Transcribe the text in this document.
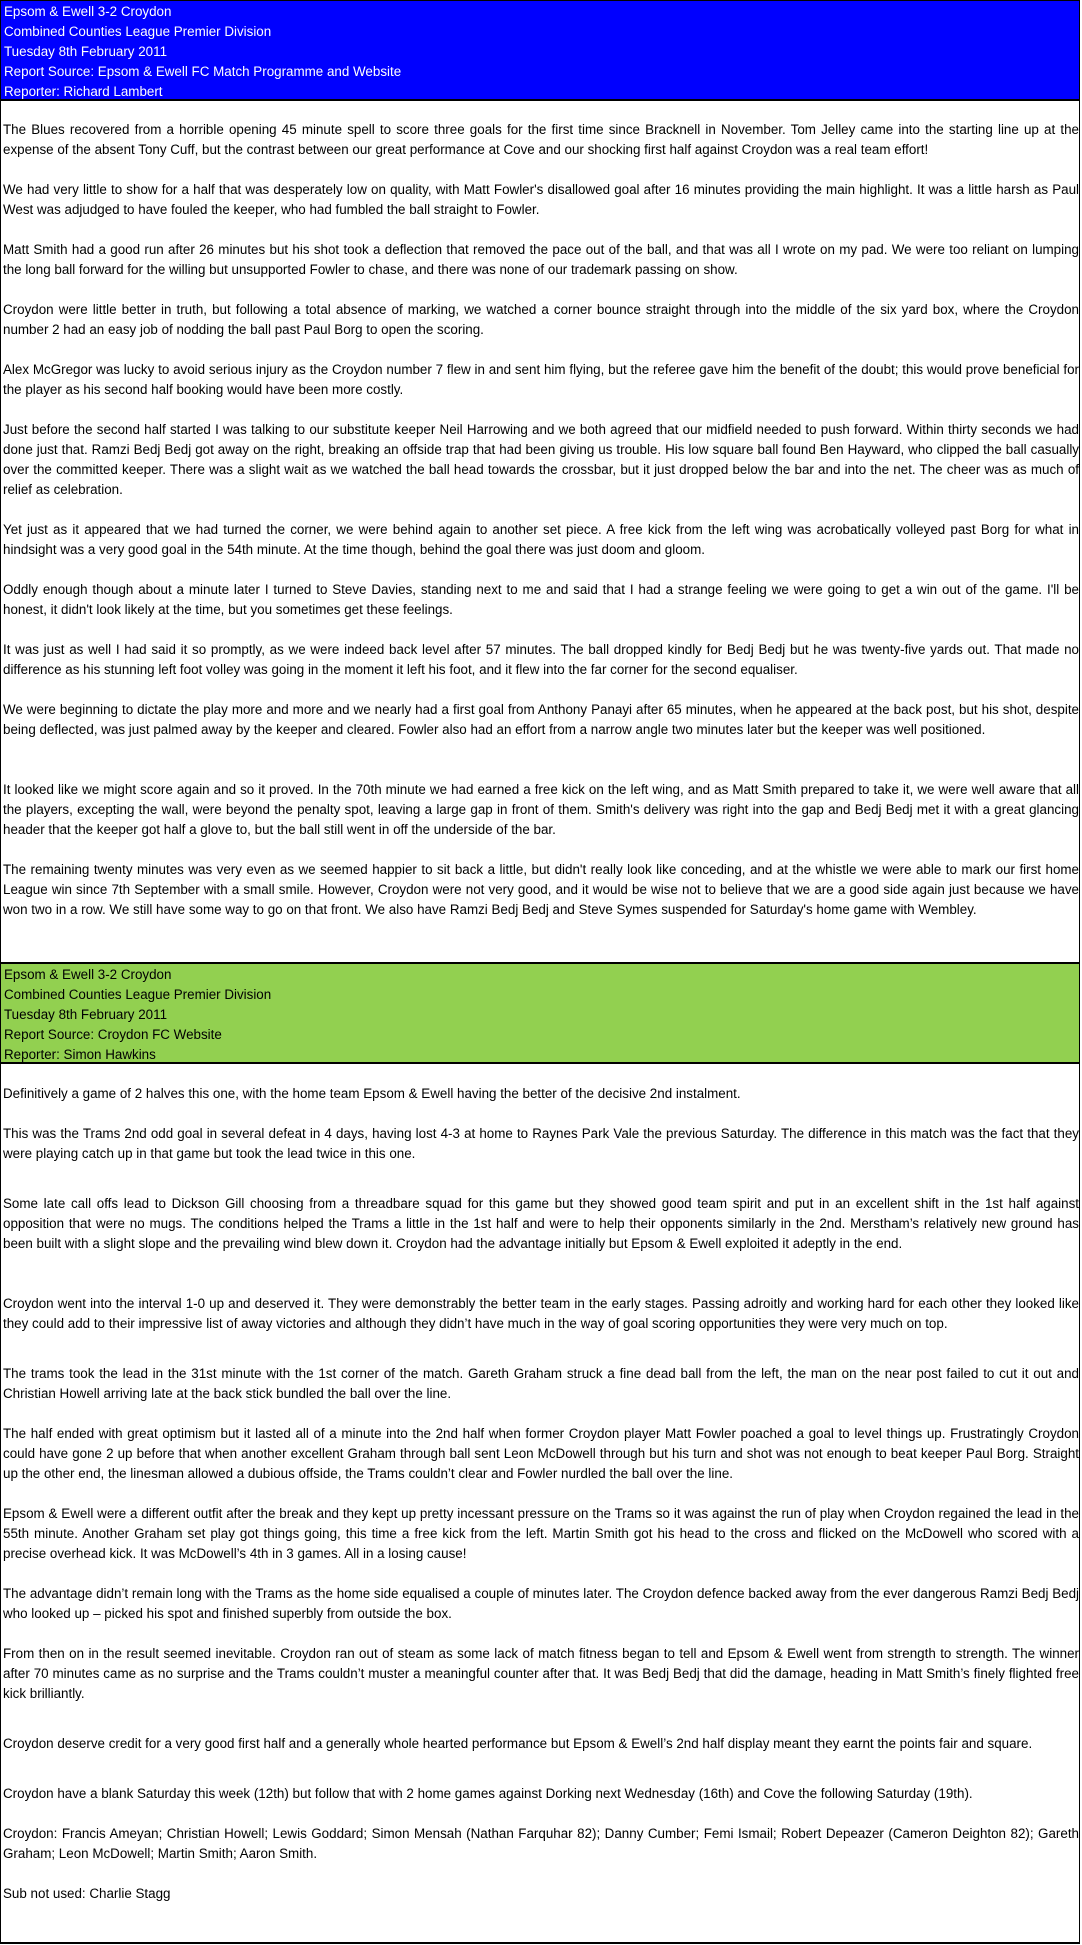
Epsom & Ewell 3-2 Croydon
Combined Counties League Premier Division
Tuesday 8th February 2011
Report Source: Epsom & Ewell FC Match Programme and Website
Reporter: Richard Lambert

The Blues recovered from a horrible opening 45 minute spell to score three goals for the first time since Bracknell in November. Tom Jelley came into the starting line up at the expense of the absent Tony Cuff, but the contrast between our great performance at Cove and our shocking first half against Croydon was a real team effort!

We had very little to show for a half that was desperately low on quality, with Matt Fowler's disallowed goal after 16 minutes providing the main highlight. It was a little harsh as Paul West was adjudged to have fouled the keeper, who had fumbled the ball straight to Fowler.

Matt Smith had a good run after 26 minutes but his shot took a deflection that removed the pace out of the ball, and that was all I wrote on my pad. We were too reliant on lumping the long ball forward for the willing but unsupported Fowler to chase, and there was none of our trademark passing on show.

Croydon were little better in truth, but following a total absence of marking, we watched a corner bounce straight through into the middle of the six yard box, where the Croydon number 2 had an easy job of nodding the ball past Paul Borg to open the scoring.

Alex McGregor was lucky to avoid serious injury as the Croydon number 7 flew in and sent him flying, but the referee gave him the benefit of the doubt; this would prove beneficial for the player as his second half booking would have been more costly.

Just before the second half started I was talking to our substitute keeper Neil Harrowing and we both agreed that our midfield needed to push forward. Within thirty seconds we had done just that. Ramzi Bedj Bedj got away on the right, breaking an offside trap that had been giving us trouble. His low square ball found Ben Hayward, who clipped the ball casually over the committed keeper. There was a slight wait as we watched the ball head towards the crossbar, but it just dropped below the bar and into the net. The cheer was as much of relief as celebration.

Yet just as it appeared that we had turned the corner, we were behind again to another set piece. A free kick from the left wing was acrobatically volleyed past Borg for what in hindsight was a very good goal in the 54th minute. At the time though, behind the goal there was just doom and gloom.

Oddly enough though about a minute later I turned to Steve Davies, standing next to me and said that I had a strange feeling we were going to get a win out of the game. I'll be honest, it didn't look likely at the time, but you sometimes get these feelings.

It was just as well I had said it so promptly, as we were indeed back level after 57 minutes. The ball dropped kindly for Bedj Bedj but he was twenty-five yards out. That made no difference as his stunning left foot volley was going in the moment it left his foot, and it flew into the far corner for the second equaliser.

We were beginning to dictate the play more and more and we nearly had a first goal from Anthony Panayi after 65 minutes, when he appeared at the back post, but his shot, despite being deflected, was just palmed away by the keeper and cleared. Fowler also had an effort from a narrow angle two minutes later but the keeper was well positioned.

It looked like we might score again and so it proved. In the 70th minute we had earned a free kick on the left wing, and as Matt Smith prepared to take it, we were well aware that all the players, excepting the wall, were beyond the penalty spot, leaving a large gap in front of them. Smith's delivery was right into the gap and Bedj Bedj met it with a great glancing header that the keeper got half a glove to, but the ball still went in off the underside of the bar.

The remaining twenty minutes was very even as we seemed happier to sit back a little, but didn't really look like conceding, and at the whistle we were able to mark our first home League win since 7th September with a small smile. However, Croydon were not very good, and it would be wise not to believe that we are a good side again just because we have won two in a row. We still have some way to go on that front. We also have Ramzi Bedj Bedj and Steve Symes suspended for Saturday's home game with Wembley.

Epsom & Ewell 3-2 Croydon
Combined Counties League Premier Division
Tuesday 8th February 2011
Report Source: Croydon FC Website
Reporter: Simon Hawkins

Definitively a game of 2 halves this one, with the home team Epsom & Ewell having the better of the decisive 2nd instalment.

This was the Trams 2nd odd goal in several defeat in 4 days, having lost 4-3 at home to Raynes Park Vale the previous Saturday. The difference in this match was the fact that they were playing catch up in that game but took the lead twice in this one.

Some late call offs lead to Dickson Gill choosing from a threadbare squad for this game but they showed good team spirit and put in an excellent shift in the 1st half against opposition that were no mugs. The conditions helped the Trams a little in the 1st half and were to help their opponents similarly in the 2nd. Merstham’s relatively new ground has been built with a slight slope and the prevailing wind blew down it. Croydon had the advantage initially but Epsom & Ewell exploited it adeptly in the end.

Croydon went into the interval 1-0 up and deserved it. They were demonstrably the better team in the early stages. Passing adroitly and working hard for each other they looked like they could add to their impressive list of away victories and although they didn’t have much in the way of goal scoring opportunities they were very much on top.

The trams took the lead in the 31st minute with the 1st corner of the match. Gareth Graham struck a fine dead ball from the left, the man on the near post failed to cut it out and Christian Howell arriving late at the back stick bundled the ball over the line.

The half ended with great optimism but it lasted all of a minute into the 2nd half when former Croydon player Matt Fowler poached a goal to level things up. Frustratingly Croydon could have gone 2 up before that when another excellent Graham through ball sent Leon McDowell through but his turn and shot was not enough to beat keeper Paul Borg. Straight up the other end, the linesman allowed a dubious offside, the Trams couldn’t clear and Fowler nurdled the ball over the line.

Epsom & Ewell were a different outfit after the break and they kept up pretty incessant pressure on the Trams so it was against the run of play when Croydon regained the lead in the 55th minute. Another Graham set play got things going, this time a free kick from the left. Martin Smith got his head to the cross and flicked on the McDowell who scored with a precise overhead kick. It was McDowell’s 4th in 3 games. All in a losing cause!

The advantage didn’t remain long with the Trams as the home side equalised a couple of minutes later. The Croydon defence backed away from the ever dangerous Ramzi Bedj Bedj who looked up – picked his spot and finished superbly from outside the box.

From then on in the result seemed inevitable. Croydon ran out of steam as some lack of match fitness began to tell and Epsom & Ewell went from strength to strength. The winner after 70 minutes came as no surprise and the Trams couldn’t muster a meaningful counter after that. It was Bedj Bedj that did the damage, heading in Matt Smith’s finely flighted free kick brilliantly.

Croydon deserve credit for a very good first half and a generally whole hearted performance but Epsom & Ewell’s 2nd half display meant they earnt the points fair and square.

Croydon have a blank Saturday this week (12th) but follow that with 2 home games against Dorking next Wednesday (16th) and Cove the following Saturday (19th).

Croydon: Francis Ameyan; Christian Howell; Lewis Goddard; Simon Mensah (Nathan Farquhar 82); Danny Cumber; Femi Ismail; Robert Depeazer (Cameron Deighton 82); Gareth Graham; Leon McDowell; Martin Smith; Aaron Smith.

Sub not used: Charlie Stagg
